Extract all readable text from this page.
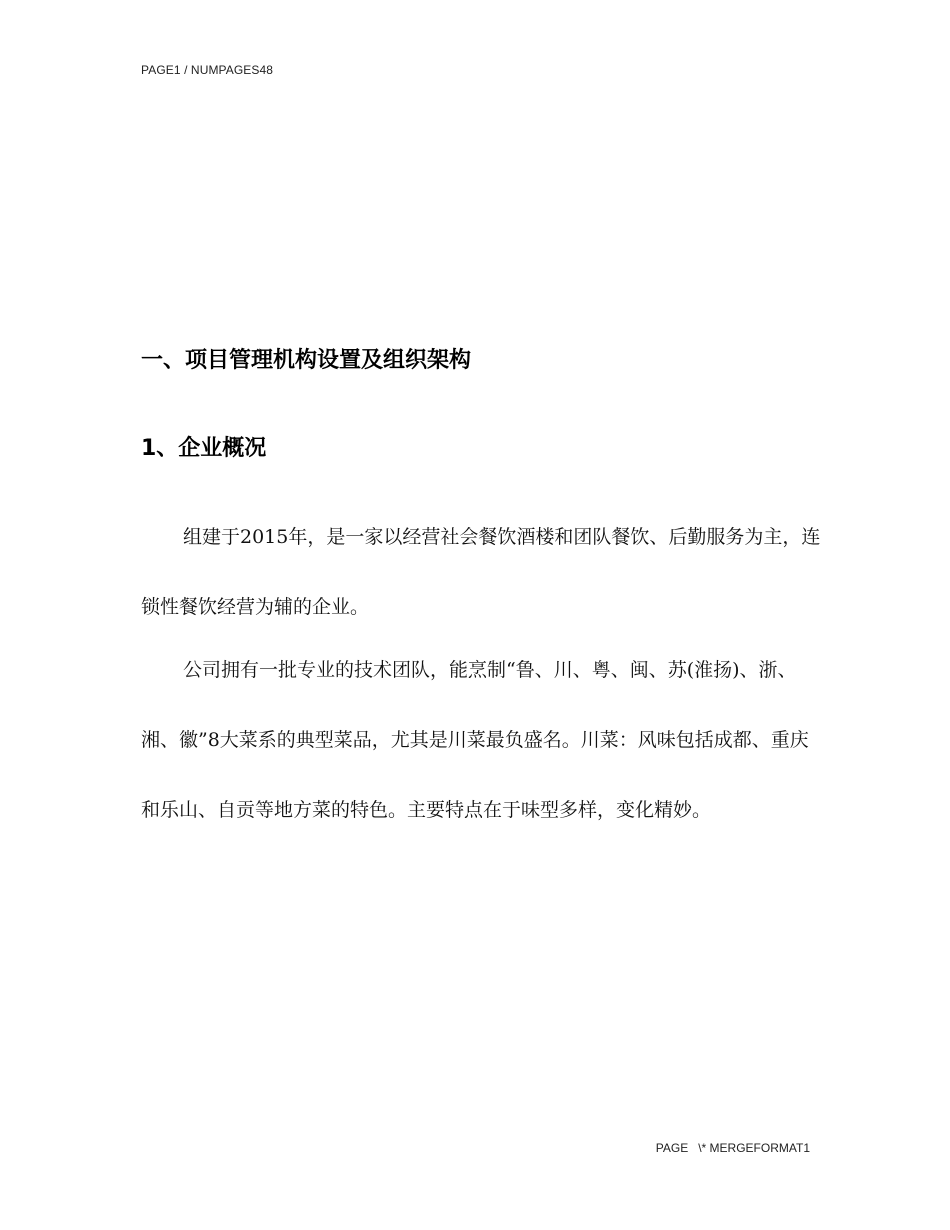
PAGE1 / NUMPAGES48
一、项目管理机构设置及组织架构
1、企业概况

组建于2015年，是一家以经营社会餐饮酒楼和团队餐饮、后勤服务为主，连锁性餐饮经营为辅的企业。

公司拥有一批专业的技术团队，能烹制“鲁、川、粤、闽、苏(淮扬)、浙、湘、徽”8大菜系的典型菜品，尤其是川菜最负盛名。川菜：风味包括成都、重庆和乐山、自贡等地方菜的特色。主要特点在于味型多样，变化精妙。

PAGE   \* MERGEFORMAT1
